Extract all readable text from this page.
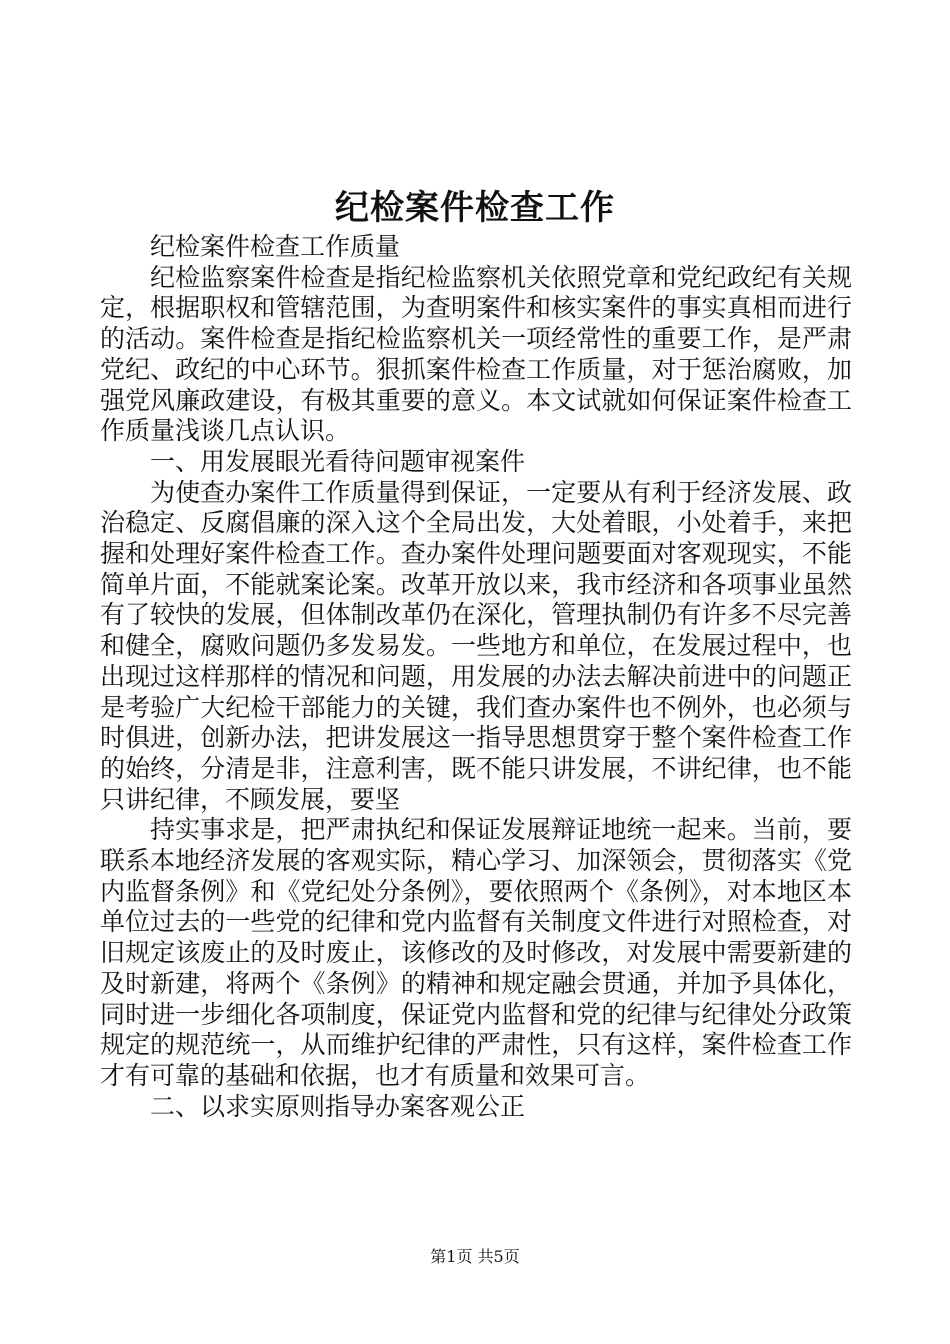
纪检案件检查工作

纪检案件检查工作质量

纪检监察案件检查是指纪检监察机关依照党章和党纪政纪有关规定，根据职权和管辖范围，为查明案件和核实案件的事实真相而进行的活动。案件检查是指纪检监察机关一项经常性的重要工作，是严肃党纪、政纪的中心环节。狠抓案件检查工作质量，对于惩治腐败，加强党风廉政建设，有极其重要的意义。本文试就如何保证案件检查工作质量浅谈几点认识。

一、用发展眼光看待问题审视案件

为使查办案件工作质量得到保证，一定要从有利于经济发展、政治稳定、反腐倡廉的深入这个全局出发，大处着眼，小处着手，来把握和处理好案件检查工作。查办案件处理问题要面对客观现实，不能简单片面，不能就案论案。改革开放以来，我市经济和各项事业虽然有了较快的发展，但体制改革仍在深化，管理执制仍有许多不尽完善和健全，腐败问题仍多发易发。一些地方和单位，在发展过程中，也出现过这样那样的情况和问题，用发展的办法去解决前进中的问题正是考验广大纪检干部能力的关键，我们查办案件也不例外，也必须与时俱进，创新办法，把讲发展这一指导思想贯穿于整个案件检查工作的始终，分清是非，注意利害，既不能只讲发展，不讲纪律，也不能只讲纪律，不顾发展，要坚

持实事求是，把严肃执纪和保证发展辩证地统一起来。当前，要联系本地经济发展的客观实际，精心学习、加深领会，贯彻落实《党内监督条例》和《党纪处分条例》，要依照两个《条例》，对本地区本单位过去的一些党的纪律和党内监督有关制度文件进行对照检查，对旧规定该废止的及时废止，该修改的及时修改，对发展中需要新建的及时新建，将两个《条例》的精神和规定融会贯通，并加予具体化，同时进一步细化各项制度，保证党内监督和党的纪律与纪律处分政策规定的规范统一，从而维护纪律的严肃性，只有这样，案件检查工作才有可靠的基础和依据，也才有质量和效果可言。

二、以求实原则指导办案客观公正

第1页 共5页
